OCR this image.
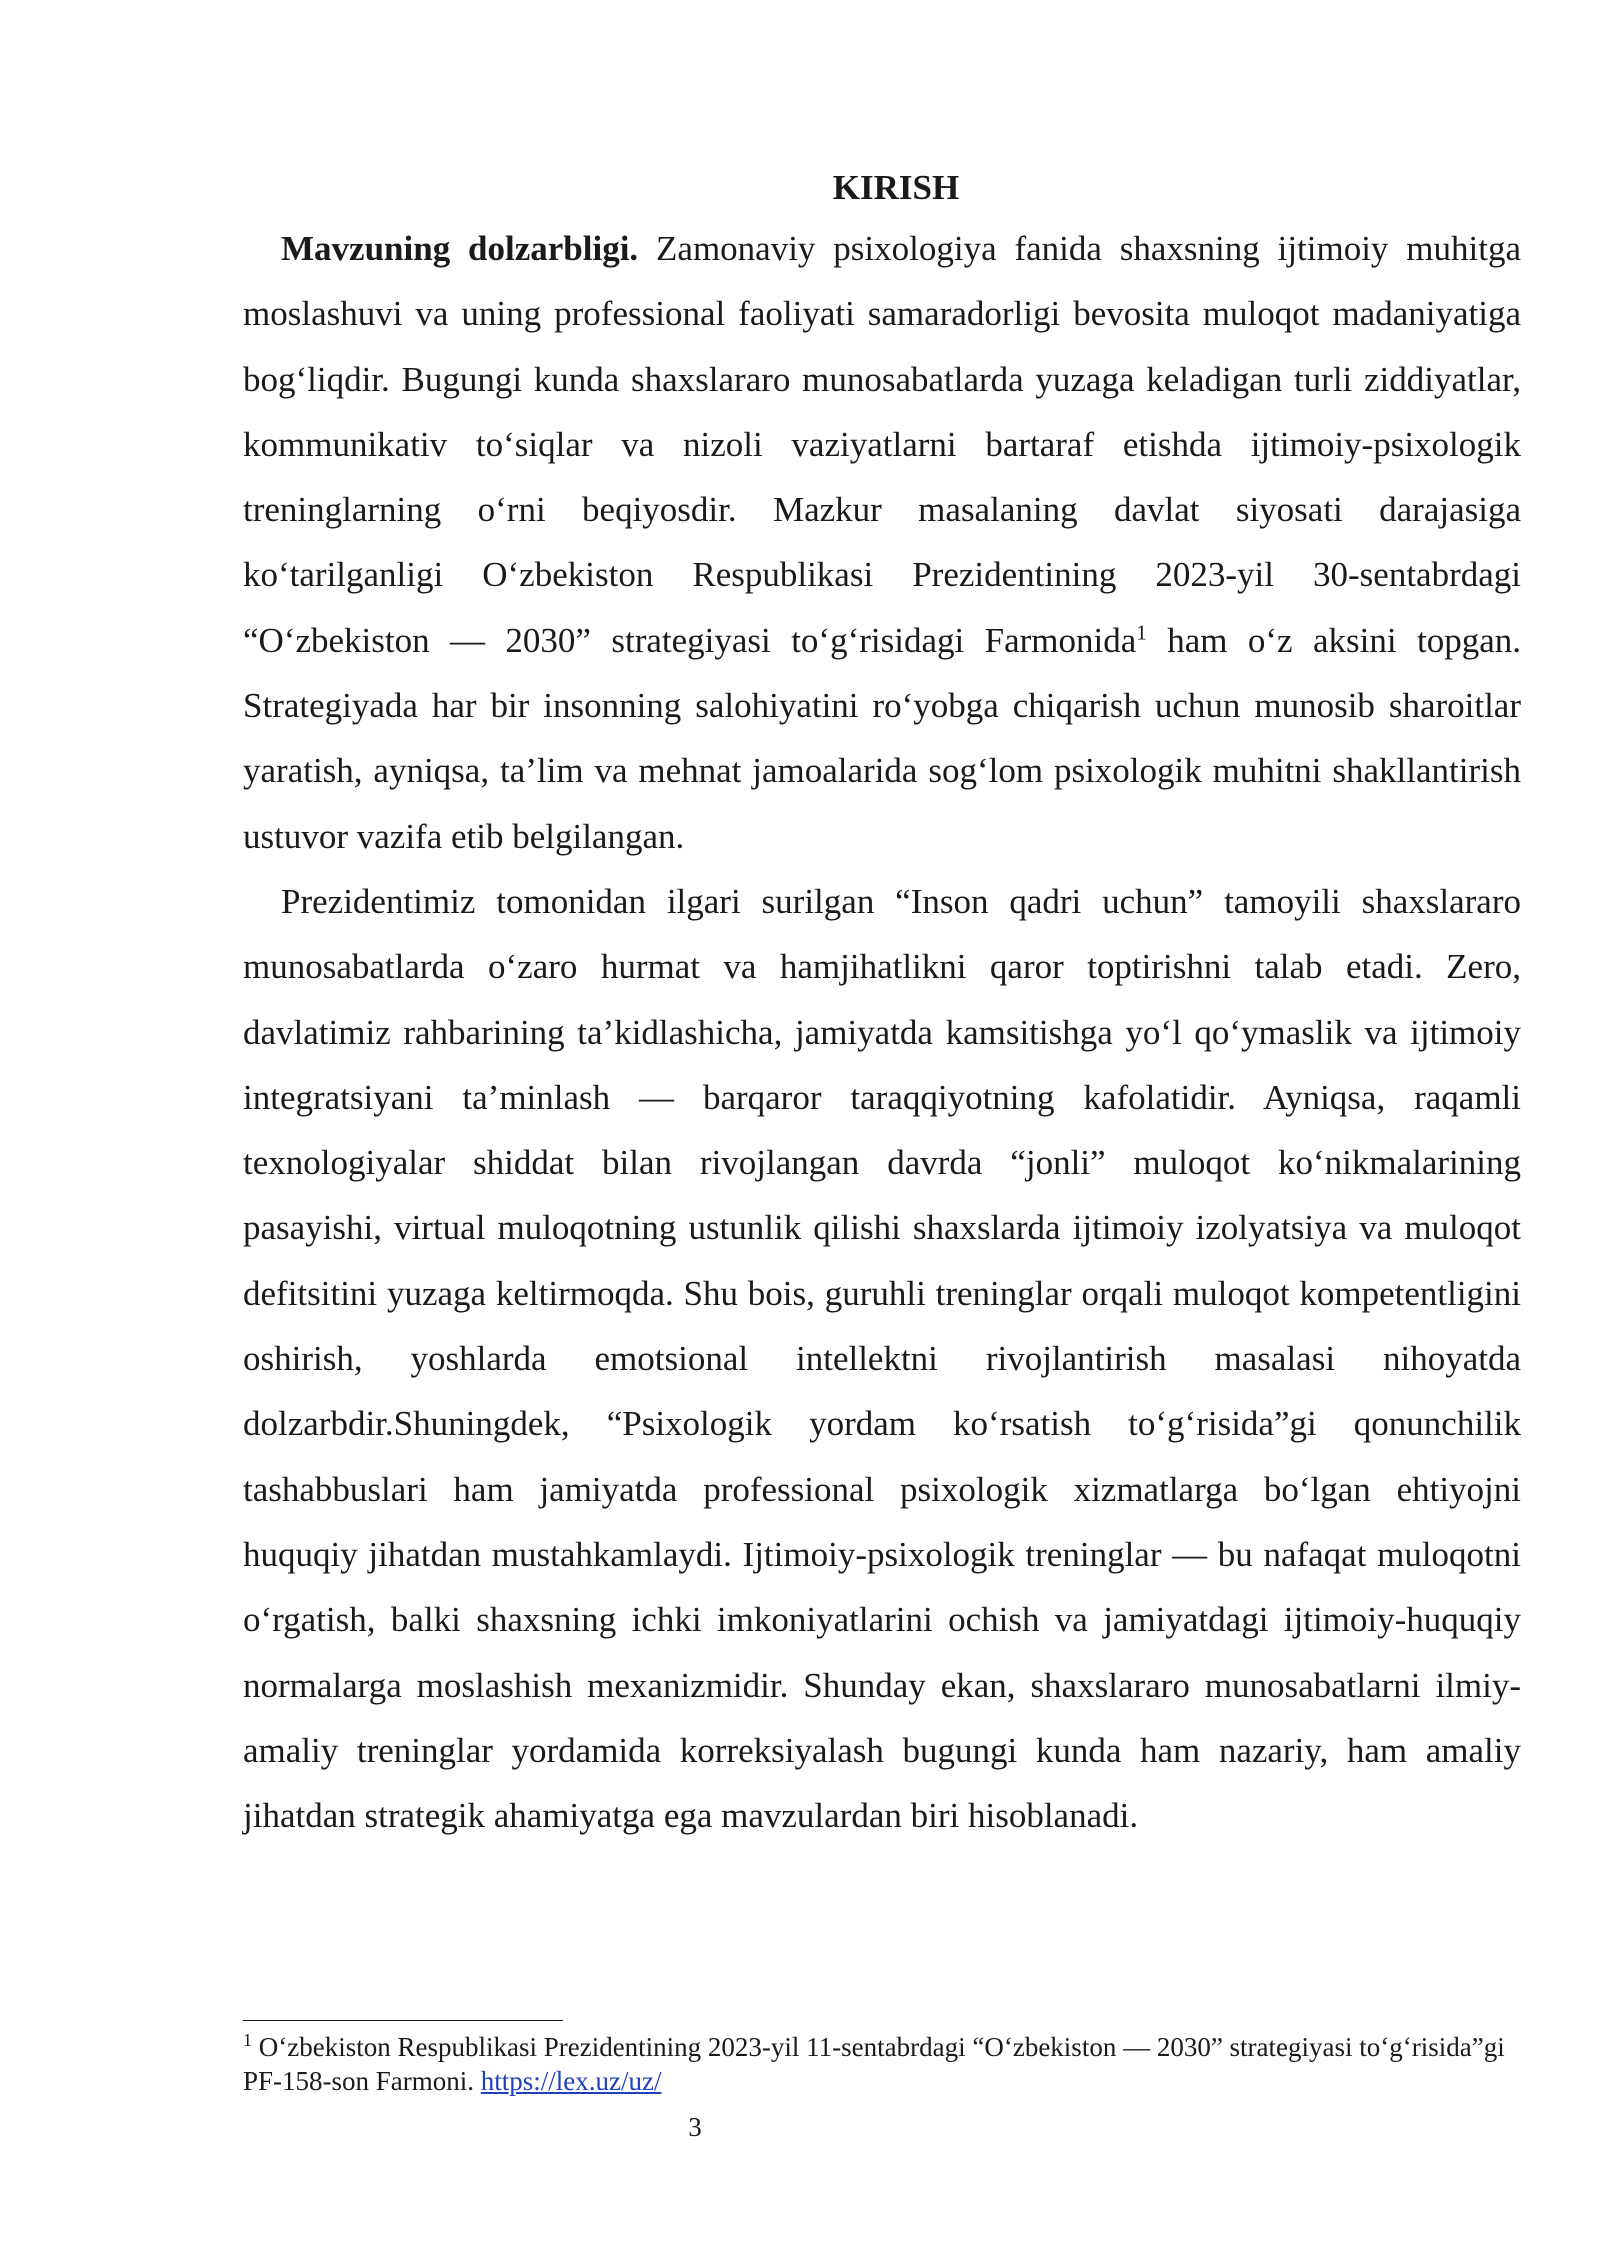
KIRISH

Mavzuning dolzarbligi. Zamonaviy psixologiya fanida shaxsning ijtimoiy muhitga moslashuvi va uning professional faoliyati samaradorligi bevosita muloqot madaniyatiga bog‘liqdir. Bugungi kunda shaxslararo munosabatlarda yuzaga keladigan turli ziddiyatlar, kommunikativ to‘siqlar va nizoli vaziyatlarni bartaraf etishda ijtimoiy-psixologik treninglarning o‘rni beqiyosdir. Mazkur masalaning davlat siyosati darajasiga ko‘tarilganligi O‘zbekiston Respublikasi Prezidentining 2023-yil 30-sentabrdagi “O‘zbekiston — 2030” strategiyasi to‘g‘risidagi Farmonida$^1$ ham o‘z aksini topgan. Strategiyada har bir insonning salohiyatini ro‘yobga chiqarish uchun munosib sharoitlar yaratish, ayniqsa, ta’lim va mehnat jamoalarida sog‘lom psixologik muhitni shakllantirish ustuvor vazifa etib belgilangan.

Prezidentimiz tomonidan ilgari surilgan “Inson qadri uchun” tamoyili shaxslararo munosabatlarda o‘zaro hurmat va hamjihatlikni qaror toptirishni talab etadi. Zero, davlatimiz rahbarining ta’kidlashicha, jamiyatda kamsitishga yo‘l qo‘ymaslik va ijtimoiy integratsiyani ta’minlash — barqaror taraqqiyotning kafolatidir. Ayniqsa, raqamli texnologiyalar shiddat bilan rivojlangan davrda “jonli” muloqot ko‘nikmalarining pasayishi, virtual muloqotning ustunlik qilishi shaxslarda ijtimoiy izolyatsiya va muloqot defitsitini yuzaga keltirmoqda. Shu bois, guruhli treninglar orqali muloqot kompetentligini oshirish, yoshlarda emotsional intellektni rivojlantirish masalasi nihoyatda dolzarbdir.Shuningdek, “Psixologik yordam ko‘rsatish to‘g‘risida”gi qonunchilik tashabbuslari ham jamiyatda professional psixologik xizmatlarga bo‘lgan ehtiyojni huquqiy jihatdan mustahkamlaydi. Ijtimoiy-psixologik treninglar — bu nafaqat muloqotni o‘rgatish, balki shaxsning ichki imkoniyatlarini ochish va jamiyatdagi ijtimoiy-huquqiy normalarga moslashish mexanizmidir. Shunday ekan, shaxslararo munosabatlarni ilmiy-amaliy treninglar yordamida korreksiyalash bugungi kunda ham nazariy, ham amaliy jihatdan strategik ahamiyatga ega mavzulardan biri hisoblanadi.

$^1$ O‘zbekiston Respublikasi Prezidentining 2023-yil 11-sentabrdagi “O‘zbekiston — 2030” strategiyasi to‘g‘risida”gi PF-158-son Farmoni. https://lex.uz/uz/

3
